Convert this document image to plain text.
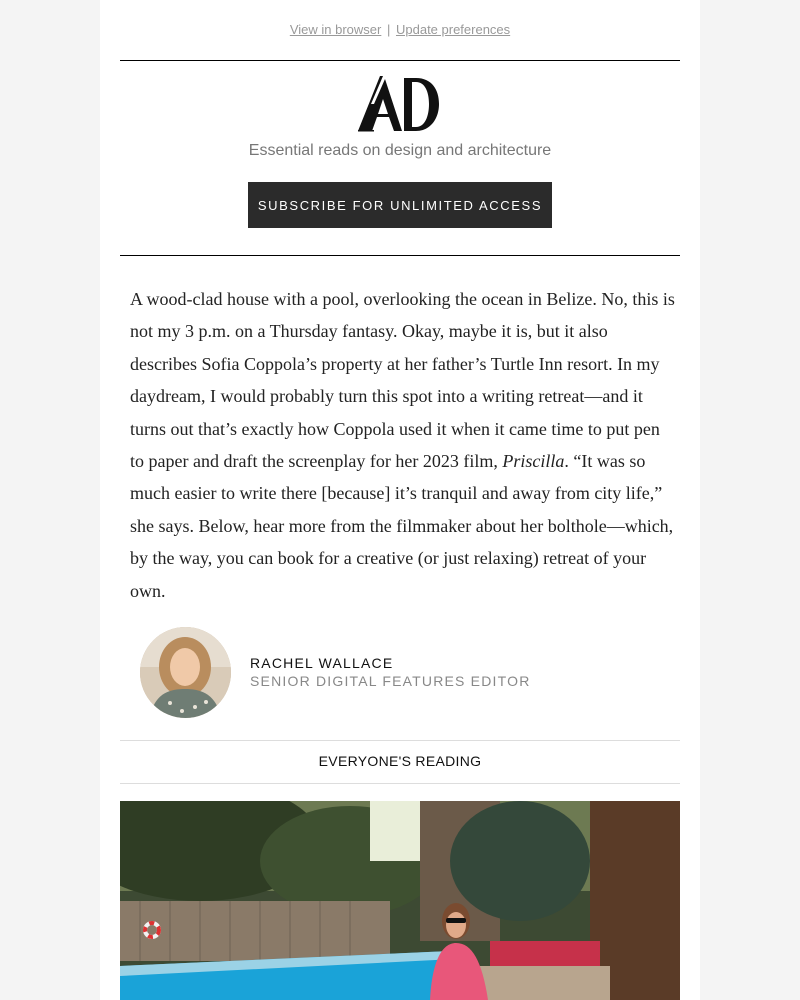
View in browser | Update preferences
Essential reads on design and architecture
SUBSCRIBE FOR UNLIMITED ACCESS

A wood-clad house with a pool, overlooking the ocean in Belize. No, this is not my 3 p.m. on a Thursday fantasy. Okay, maybe it is, but it also describes Sofia Coppola’s property at her father’s Turtle Inn resort. In my daydream, I would probably turn this spot into a writing retreat—and it turns out that’s exactly how Coppola used it when it came time to put pen to paper and draft the screenplay for her 2023 film, Priscilla. “It was so much easier to write there [because] it’s tranquil and away from city life,” she says. Below, hear more from the filmmaker about her bolthole—which, by the way, you can book for a creative (or just relaxing) retreat of your own.

RACHEL WALLACE
SENIOR DIGITAL FEATURES EDITOR
EVERYONE'S READING
